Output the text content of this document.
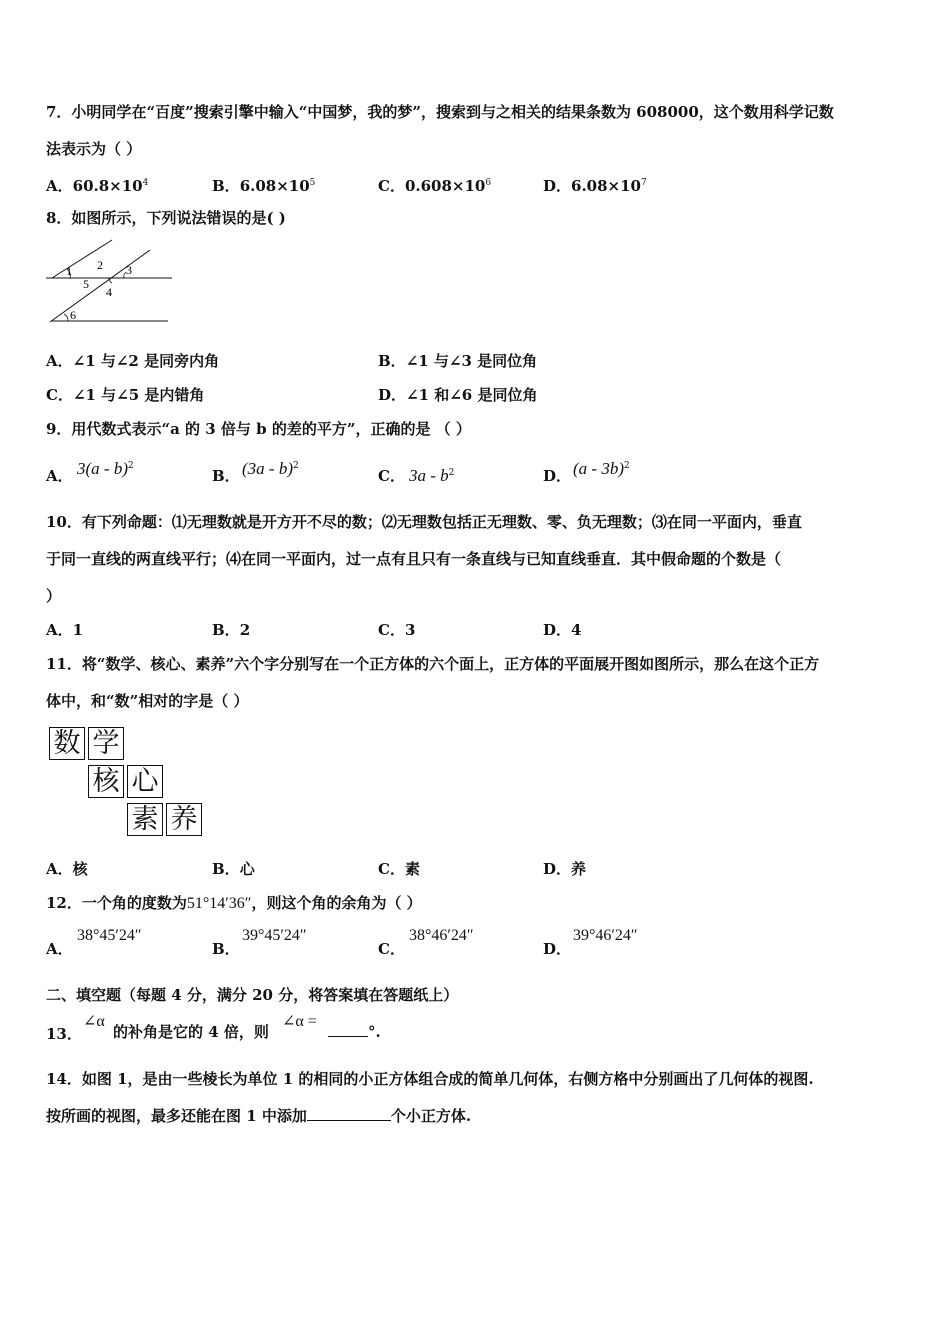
7．小明同学在“百度”搜索引擎中输入“中国梦，我的梦”，搜索到与之相关的结果条数为 608000，这个数用科学记数
法表示为（ ）
A．$60.8\times 10^4$	B．$6.08\times 10^5$	C．$0.608\times 10^6$	D．$6.08\times 10^7$
8．如图所示，下列说法错误的是( )
1 2 3
5
4
6
A．∠1 与∠2 是同旁内角	B．∠1 与∠3 是同位角
C．∠1 与∠5 是内错角	D．∠1 和∠6 是同位角
9．用代数式表示“a 的 3 倍与 b 的差的平方”，正确的是 （ ）
A． 3(a - b)$^2$
B． (3a - b)$^2$
C． $3a - b^2$	D． (a - 3b)$^2$
10．有下列命题：⑴无理数就是开方开不尽的数；⑵无理数包括正无理数、零、负无理数；⑶在同一平面内，垂直
于同一直线的两直线平行；⑷在同一平面内，过一点有且只有一条直线与已知直线垂直．其中假命题的个数是（
）
A．1	B．2	C．3	D．4
11．将“数学、核心、素养”六个字分别写在一个正方体的六个面上，正方体的平面展开图如图所示，那么在这个正方
体中，和“数”相对的字是（ ）
数 学
核 心
素 养
A．核	B．心	C．素	D．养
12．一个角的度数为51°14′36″，则这个角的余角为（ ）
A．
38°45′24″
B．
39°45′24″
C．
38°46′24″
D．
39°46′24″
二、填空题（每题 4 分，满分 20 分，将答案填在答题纸上）
13．
∠α
的补角是它的 4 倍，则
∠α =
°.
14．如图 1，是由一些棱长为单位 1 的相同的小正方体组合成的简单几何体，右侧方格中分别画出了几何体的视图.
按所画的视图，最多还能在图 1 中添加	个小正方体.
